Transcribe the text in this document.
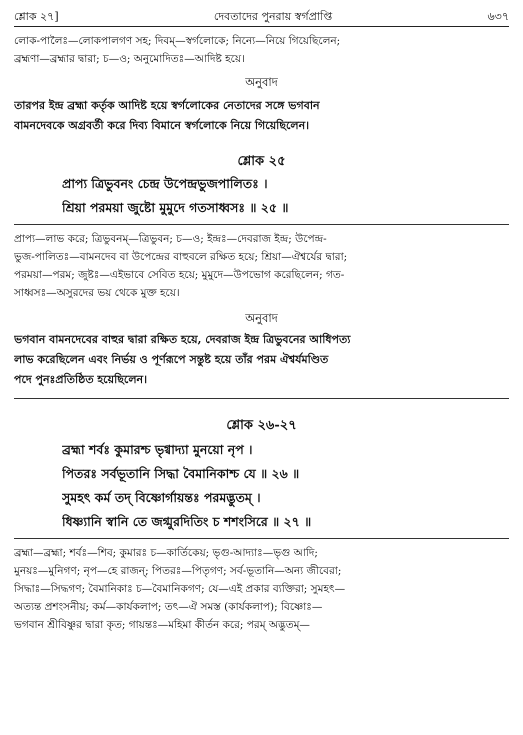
শ্লোক ২৭]	দেবতাদের পুনরায় স্বর্গপ্রাপ্তি	৬৩৭
লোক-পালৈঃ—লোকপালগণ সহ; দিবম্—স্বর্গলোকে; নিন্যে—নিয়ে গিয়েছিলেন;
ব্রহ্মণা—ব্রহ্মার দ্বারা; চ—ও; অনুমোদিতঃ—আদিষ্ট হয়ে।
অনুবাদ
তারপর ইন্দ্র ব্রহ্মা কর্তৃক আদিষ্ট হয়ে স্বর্গলোকের নেতাদের সঙ্গে ভগবান
বামনদেবকে অগ্রবর্তী করে দিব্য বিমানে স্বর্গলোকে নিয়ে গিয়েছিলেন।
শ্লোক ২৫
প্রাপ্য ত্রিভুবনং চেন্দ্র উপেন্দ্রভুজপালিতঃ ।
শ্রিয়া পরময়া জুষ্টো মুমুদে গতসাধ্বসঃ ॥ ২৫ ॥
প্রাপ্য—লাভ করে; ত্রিভুবনম্—ত্রিভুবন; চ—ও; ইন্দ্রঃ—দেবরাজ ইন্দ্র; উপেন্দ্র-
ভুজ-পালিতঃ—বামনদেব বা উপেন্দ্রের বাহুবলে রক্ষিত হয়ে; শ্রিয়া—ঐশ্বর্যের দ্বারা;
পরময়া—পরম; জুষ্টঃ—এইভাবে সেবিত হয়ে; মুমুদে—উপভোগ করেছিলেন; গত-
সাধ্বসঃ—অসুরদের ভয় থেকে মুক্ত হয়ে।
অনুবাদ
ভগবান বামনদেবের বাহুর দ্বারা রক্ষিত হয়ে, দেবরাজ ইন্দ্র ত্রিভুবনের আধিপত্য
লাভ করেছিলেন এবং নির্ভয় ও পূর্ণরূপে সন্তুষ্ট হয়ে তাঁর পরম ঐশ্বর্যমণ্ডিত
পদে পুনঃপ্রতিষ্ঠিত হয়েছিলেন।
শ্লোক ২৬-২৭
ব্রহ্মা শর্বঃ কুমারশ্চ ভৃগ্বাদ্যা মুনয়ো নৃপ ।
পিতরঃ সর্বভূতানি সিদ্ধা বৈমানিকাশ্চ যে ॥ ২৬ ॥
সুমহৎ কর্ম তদ্ বিষ্ণোর্গায়ন্তঃ পরমদ্ভুতম্ ।
ধিষ্ণ্যানি স্বানি তে জগ্মুরদিতিং চ শশংসিরে ॥ ২৭ ॥
ব্রহ্মা—ব্রহ্মা; শর্বঃ—শিব; কুমারঃ চ—কার্তিকেয়; ভৃগু-আদ্যাঃ—ভৃগু আদি;
মুনয়ঃ—মুনিগণ; নৃপ—হে রাজন্; পিতরঃ—পিতৃগণ; সর্ব-ভূতানি—অন্য জীবেরা;
সিদ্ধাঃ—সিদ্ধগণ; বৈমানিকাঃ চ—বৈমানিকগণ; যে—এই প্রকার ব্যক্তিরা; সুমহৎ—
অত্যন্ত প্রশংসনীয়; কর্ম—কার্যকলাপ; তৎ—ঐ সমস্ত (কার্যকলাপ); বিষ্ণোঃ—
ভগবান শ্রীবিষ্ণুর দ্বারা কৃত; গায়ন্তঃ—মহিমা কীর্তন করে; পরম্ অদ্ভুতম্—
